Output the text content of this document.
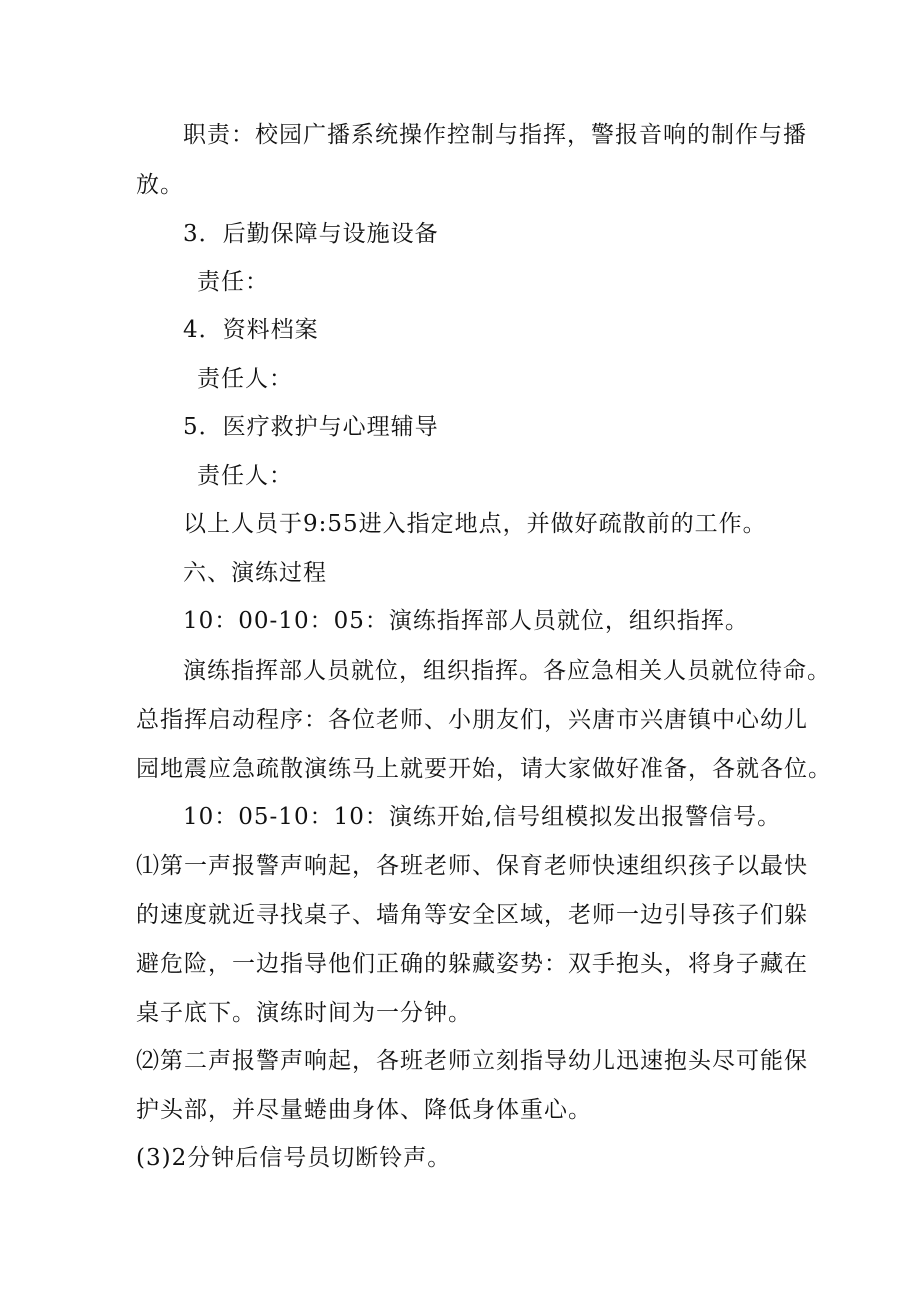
职责：校园广播系统操作控制与指挥，警报音响的制作与播
放。
3．后勤保障与设施设备
责任：
4．资料档案
责任人：
5．医疗救护与心理辅导
责任人：
以上人员于9:55进入指定地点，并做好疏散前的工作。
六、演练过程
10：00-10：05：演练指挥部人员就位，组织指挥。
演练指挥部人员就位，组织指挥。各应急相关人员就位待命。
总指挥启动程序：各位老师、小朋友们，兴唐市兴唐镇中心幼儿
园地震应急疏散演练马上就要开始，请大家做好准备，各就各位。
10：05-10：10：演练开始,信号组模拟发出报警信号。
⑴第一声报警声响起，各班老师、保育老师快速组织孩子以最快
的速度就近寻找桌子、墙角等安全区域，老师一边引导孩子们躲
避危险，一边指导他们正确的躲藏姿势：双手抱头，将身子藏在
桌子底下。演练时间为一分钟。
⑵第二声报警声响起，各班老师立刻指导幼儿迅速抱头尽可能保
护头部，并尽量蜷曲身体、降低身体重心。
(3)2分钟后信号员切断铃声。
